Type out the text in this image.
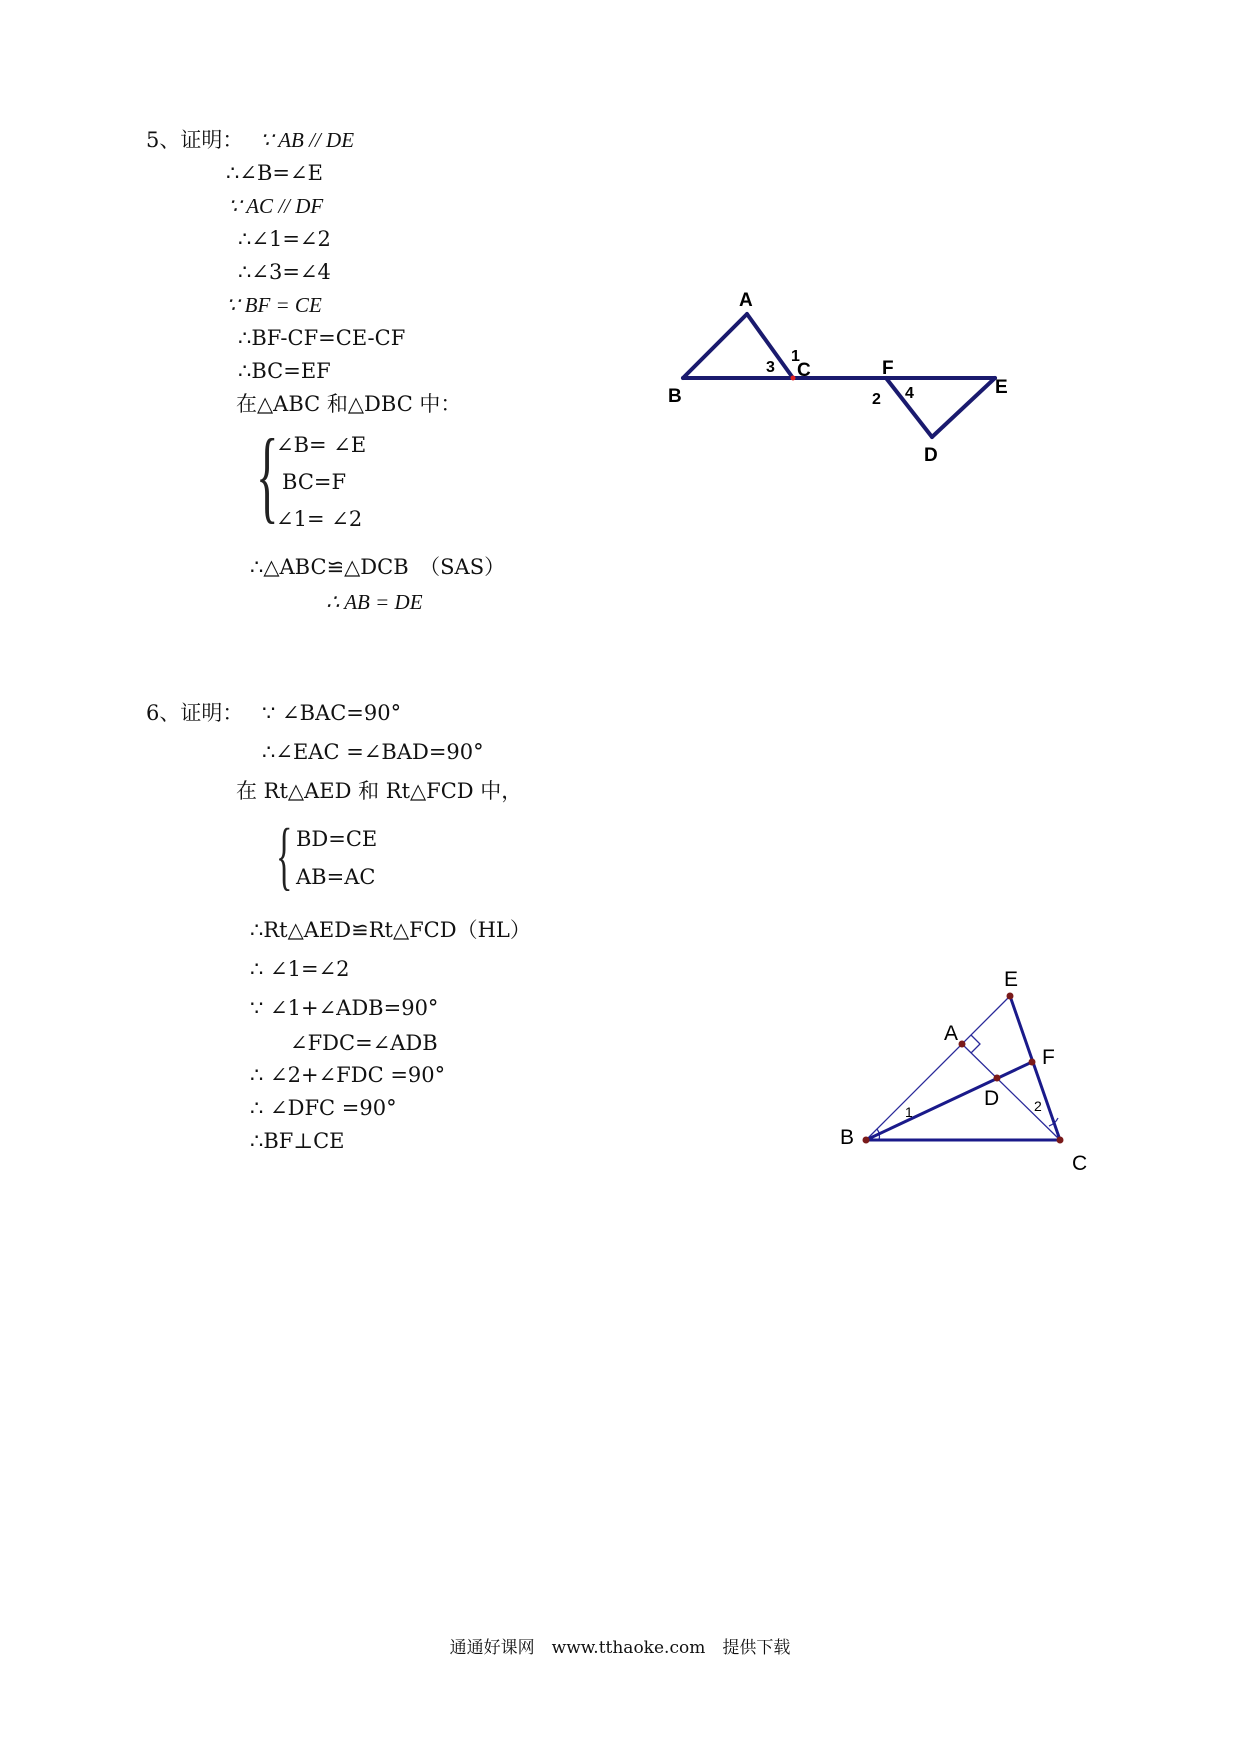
5、证明： ∵ AB // DE
∴∠B=∠E
∵ AC // DF
∴∠1=∠2
∴∠3=∠4
∵ BF = CE
∴BF-CF=CE-CF
∴BC=EF
在△ABC 和△DBC 中：
{
∠B= ∠E
BC=F
∠1= ∠2
∴△ABC≌△DCB　（SAS）
∴ AB = DE
A
B
C	F
E
D
1
3
2 4
6、证明： ∵ ∠BAC=90°
∴∠EAC =∠BAD=90°
在 Rt△AED 和 Rt△FCD 中，
{ BD=CE
AB=AC
∴Rt△AED≌Rt△FCD（HL）
∴ ∠1=∠2
∵ ∠1+∠ADB=90°
∠FDC=∠ADB
∴ ∠2+∠FDC =90°
∴ ∠DFC =90°
∴BF⊥CE
E
A
F
D
B
C
1	2
通通好课网　www.tthaoke.com　提供下载
